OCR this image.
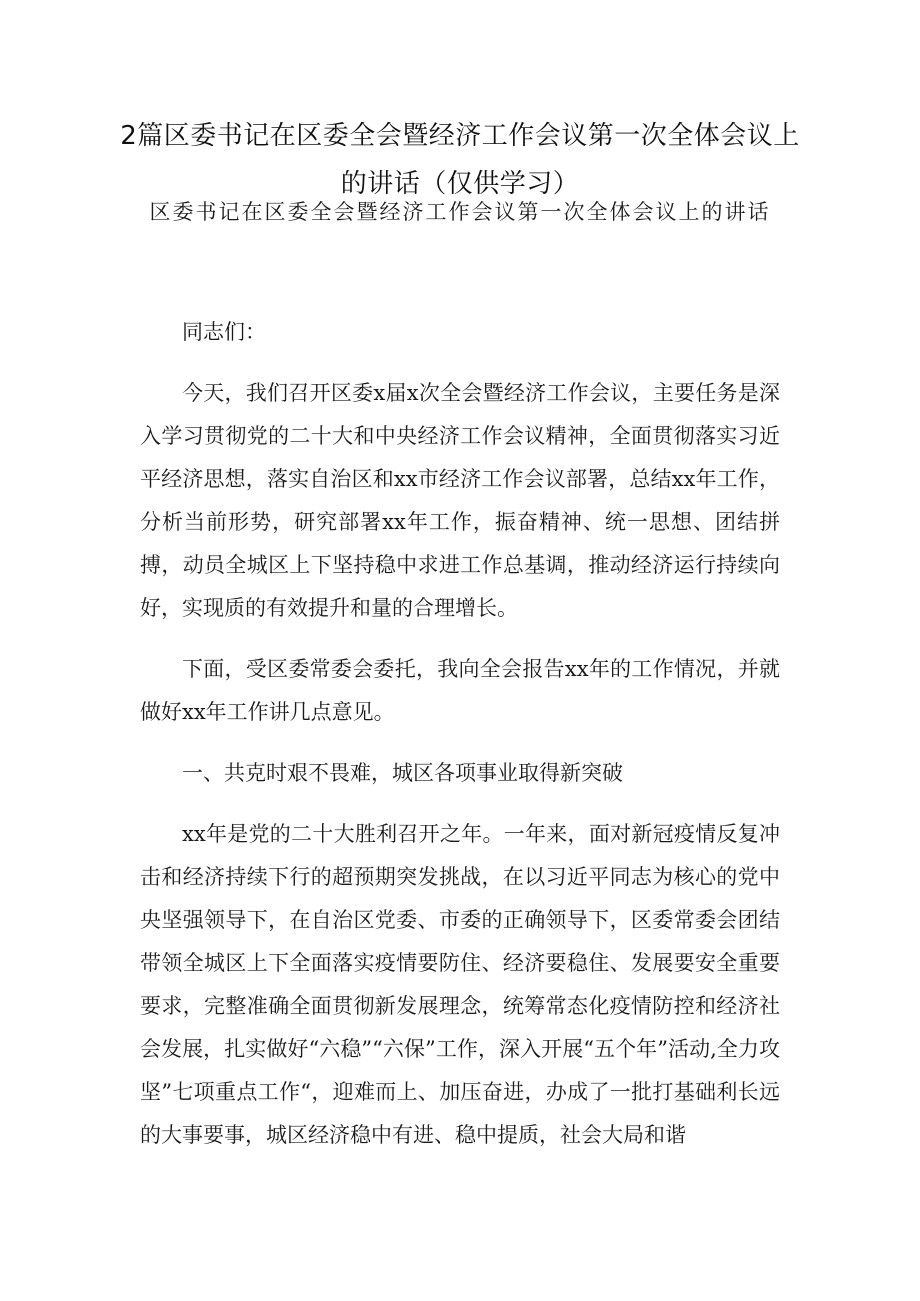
2篇区委书记在区委全会暨经济工作会议第一次全体会议上
的讲话（仅供学习）
区委书记在区委全会暨经济工作会议第一次全体会议上的讲话

同志们：

今天，我们召开区委x届x次全会暨经济工作会议，主要任务是深入学习贯彻党的二十大和中央经济工作会议精神，全面贯彻落实习近平经济思想，落实自治区和xx市经济工作会议部署，总结xx年工作，分析当前形势，研究部署xx年工作，振奋精神、统一思想、团结拼搏，动员全城区上下坚持稳中求进工作总基调，推动经济运行持续向好，实现质的有效提升和量的合理增长。

下面，受区委常委会委托，我向全会报告xx年的工作情况，并就做好xx年工作讲几点意见。

一、共克时艰不畏难，城区各项事业取得新突破

xx年是党的二十大胜利召开之年。一年来，面对新冠疫情反复冲击和经济持续下行的超预期突发挑战，在以习近平同志为核心的党中央坚强领导下，在自治区党委、市委的正确领导下，区委常委会团结带领全城区上下全面落实疫情要防住、经济要稳住、发展要安全重要要求，完整准确全面贯彻新发展理念，统筹常态化疫情防控和经济社会发展，扎实做好“六稳”“六保”工作，深入开展“五个年”活动,全力攻坚”七项重点工作“，迎难而上、加压奋进，办成了一批打基础利长远的大事要事，城区经济稳中有进、稳中提质，社会大局和谐
